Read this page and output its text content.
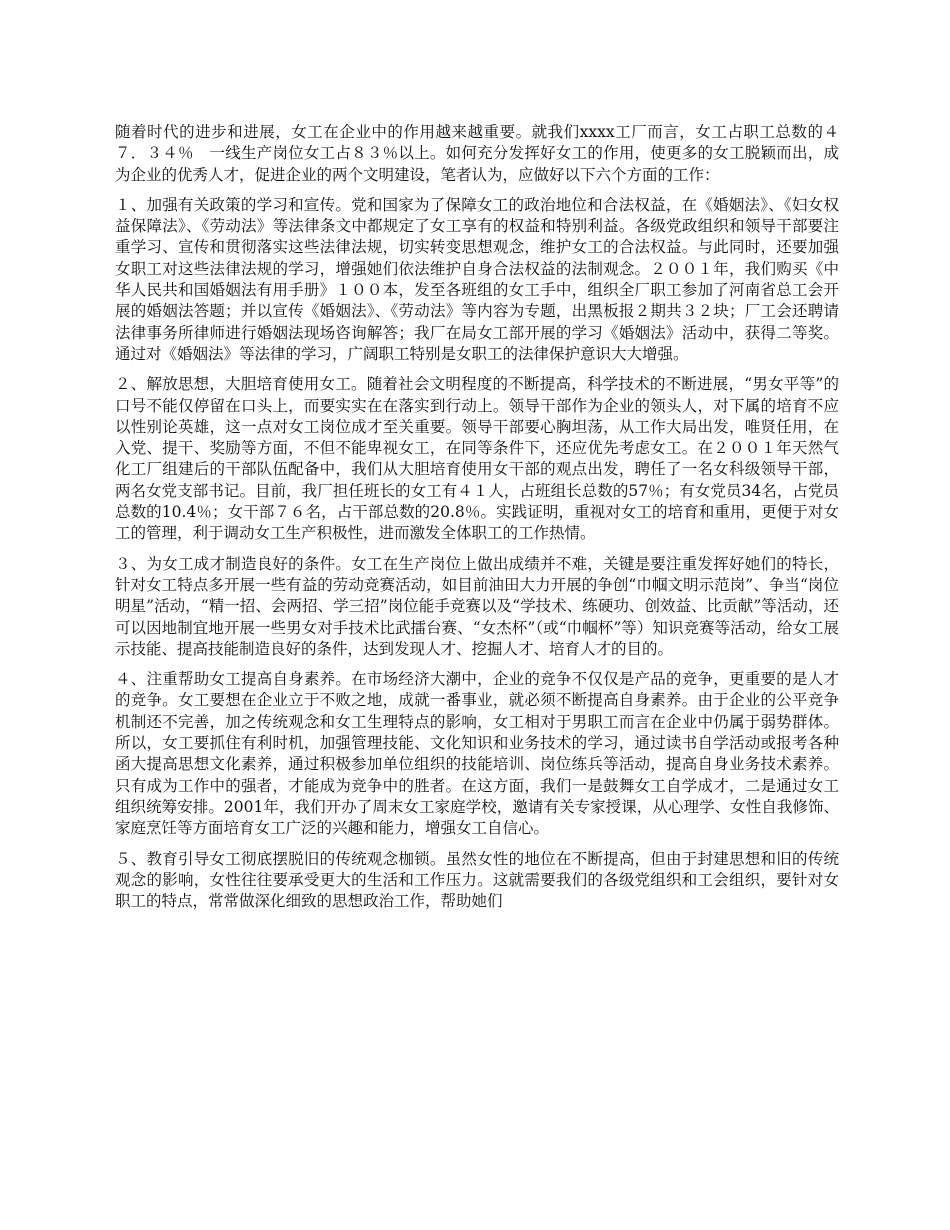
随着时代的进步和进展，女工在企业中的作用越来越重要。就我们xxxx工厂而言，女工占职工总数的４７．３４％　一线生产岗位女工占８３％以上。如何充分发挥好女工的作用，使更多的女工脱颖而出，成为企业的优秀人才，促进企业的两个文明建设，笔者认为，应做好以下六个方面的工作：

１、加强有关政策的学习和宣传。党和国家为了保障女工的政治地位和合法权益，在《婚姻法》、《妇女权益保障法》、《劳动法》等法律条文中都规定了女工享有的权益和特别利益。各级党政组织和领导干部要注重学习、宣传和贯彻落实这些法律法规，切实转变思想观念，维护女工的合法权益。与此同时，还要加强女职工对这些法律法规的学习，增强她们依法维护自身合法权益的法制观念。２００１年，我们购买《中华人民共和国婚姻法有用手册》１００本，发至各班组的女工手中，组织全厂职工参加了河南省总工会开展的婚姻法答题；并以宣传《婚姻法》、《劳动法》等内容为专题，出黑板报２期共３２块；厂工会还聘请法律事务所律师进行婚姻法现场咨询解答；我厂在局女工部开展的学习《婚姻法》活动中，获得二等奖。通过对《婚姻法》等法律的学习，广阔职工特别是女职工的法律保护意识大大增强。

２、解放思想，大胆培育使用女工。随着社会文明程度的不断提高，科学技术的不断进展，“男女平等”的口号不能仅停留在口头上，而要实实在在落实到行动上。领导干部作为企业的领头人，对下属的培育不应以性别论英雄，这一点对女工岗位成才至关重要。领导干部要心胸坦荡，从工作大局出发，唯贤任用，在入党、提干、奖励等方面，不但不能卑视女工，在同等条件下，还应优先考虑女工。在２００１年天然气化工厂组建后的干部队伍配备中，我们从大胆培育使用女干部的观点出发，聘任了一名女科级领导干部，两名女党支部书记。目前，我厂担任班长的女工有４１人，占班组长总数的57％；有女党员34名，占党员总数的10.4％；女干部７６名，占干部总数的20.8％。实践证明，重视对女工的培育和重用，更便于对女工的管理，利于调动女工生产积极性，进而激发全体职工的工作热情。

３、为女工成才制造良好的条件。女工在生产岗位上做出成绩并不难，关键是要注重发挥好她们的特长，针对女工特点多开展一些有益的劳动竞赛活动，如目前油田大力开展的争创“巾帼文明示范岗”、争当“岗位明星”活动，“精一招、会两招、学三招”岗位能手竞赛以及“学技术、练硬功、创效益、比贡献”等活动，还可以因地制宜地开展一些男女对手技术比武擂台赛、“女杰杯”（或“巾帼杯”等）知识竞赛等活动，给女工展示技能、提高技能制造良好的条件，达到发现人才、挖掘人才、培育人才的目的。

４、注重帮助女工提高自身素养。在市场经济大潮中，企业的竞争不仅仅是产品的竞争，更重要的是人才的竞争。女工要想在企业立于不败之地，成就一番事业，就必须不断提高自身素养。由于企业的公平竞争机制还不完善，加之传统观念和女工生理特点的影响，女工相对于男职工而言在企业中仍属于弱势群体。所以，女工要抓住有利时机，加强管理技能、文化知识和业务技术的学习，通过读书自学活动或报考各种函大提高思想文化素养，通过积极参加单位组织的技能培训、岗位练兵等活动，提高自身业务技术素养。只有成为工作中的强者，才能成为竞争中的胜者。在这方面，我们一是鼓舞女工自学成才，二是通过女工组织统筹安排。2001年，我们开办了周末女工家庭学校，邀请有关专家授课，从心理学、女性自我修饰、家庭烹饪等方面培育女工广泛的兴趣和能力，增强女工自信心。

５、教育引导女工彻底摆脱旧的传统观念枷锁。虽然女性的地位在不断提高，但由于封建思想和旧的传统观念的影响，女性往往要承受更大的生活和工作压力。这就需要我们的各级党组织和工会组织，要针对女职工的特点，常常做深化细致的思想政治工作，帮助她们
